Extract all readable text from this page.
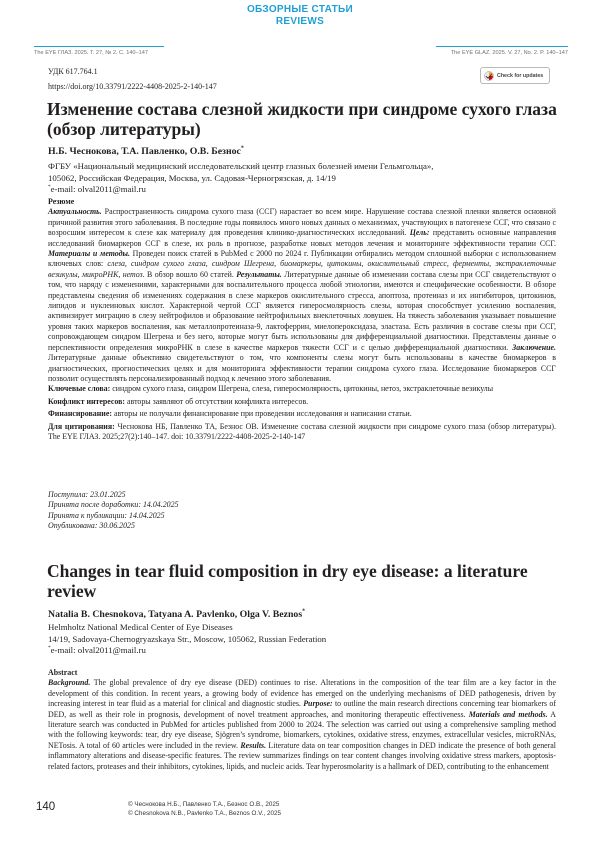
ОБЗОРНЫЕ СТАТЬИ
REVIEWS
The EYE ГЛАЗ. 2025. Т. 27, № 2. С. 140–147	The EYE GLAZ. 2025. V. 27, No. 2. P. 140–147
УДК 617.764.1
https://doi.org/10.33791/2222-4408-2025-2-140-147
Check for updates
Изменение состава слезной жидкости при синдроме сухого глаза (обзор литературы)
Н.Б. Чеснокова, Т.А. Павленко, О.В. Безнос*
ФГБУ «Национальный медицинский исследовательский центр глазных болезней имени Гельмгольца»,
105062, Российская Федерация, Москва, ул. Садовая-Черногрязская, д. 14/19
*e-mail: olval2011@mail.ru
Резюме
Актуальность. Распространенность синдрома сухого глаза (ССГ) нарастает во всем мире. Нарушение состава слезной пленки является основной причиной развития этого заболевания. В последние годы появилось много новых данных о механизмах, участвующих в патогенезе ССГ, что связано с возросшим интересом к слезе как материалу для проведения клинико-диагностических исследований. Цель: представить основные направления исследований биомаркеров ССГ в слезе, их роль в прогнозе, разработке новых методов лечения и мониторинге эффективности терапии ССГ. Материалы и методы. Проведен поиск статей в PubMed с 2000 по 2024 г. Публикации отбирались методом сплошной выборки с использованием ключевых слов: слеза, синдром сухого глаза, синдром Шегрена, биомаркеры, цитокины, окислительный стресс, ферменты, экстраклеточные везикулы, микроРНК, нетоз. В обзор вошло 60 статей. Результаты. Литературные данные об изменении состава слезы при ССГ свидетельствуют о том, что наряду с изменениями, характерными для воспалительного процесса любой этиологии, имеются и специфические особенности. В обзоре представлены сведения об изменениях содержания в слезе маркеров окислительного стресса, апоптоза, протеиназ и их ингибиторов, цитокинов, липидов и нуклеиновых кислот. Характерной чертой ССГ является гиперосмолярность слезы, которая способствует усилению воспаления, активизирует миграцию в слезу нейтрофилов и образование нейтрофильных внеклеточных ловушек. На тяжесть заболевания указывает повышение уровня таких маркеров воспаления, как металлопротеиназа-9, лактоферрин, миелопероксидаза, эластаза. Есть различия в составе слезы при ССГ, сопровождающем синдром Шегрена и без него, которые могут быть использованы для дифференциальной диагностики. Представлены данные о перспективности определения микроРНК в слезе в качестве маркеров тяжести ССГ и с целью дифференциальной диагностики. Заключение. Литературные данные объективно свидетельствуют о том, что компоненты слезы могут быть использованы в качестве биомаркеров в диагностических, прогностических целях и для мониторинга эффективности терапии синдрома сухого глаза. Исследование биомаркеров ССГ позволит осуществлять персонализированный подход к лечению этого заболевания.
Ключевые слова: синдром сухого глаза, синдром Шегрена, слеза, гиперосмолярность, цитокины, нетоз, экстраклеточные везикулы
Конфликт интересов: авторы заявляют об отсутствии конфликта интересов.
Финансирование: авторы не получали финансирование при проведении исследования и написании статьи.
Для цитирования: Чеснокова НБ, Павленко ТА, Безнос ОВ. Изменение состава слезной жидкости при синдроме сухого глаза (обзор литературы). The EYE ГЛАЗ. 2025;27(2):140–147. doi: 10.33791/2222-4408-2025-2-140-147
Поступила: 23.01.2025
Принята после доработки: 14.04.2025
Принята к публикации: 14.04.2025
Опубликована: 30.06.2025
Changes in tear fluid composition in dry eye disease: a literature review
Natalia B. Chesnokova, Tatyana A. Pavlenko, Olga V. Beznos*
Helmholtz National Medical Center of Eye Diseases
14/19, Sadovaya-Chernogryazskaya Str., Moscow, 105062, Russian Federation
*e-mail: olval2011@mail.ru
Abstract
Background. The global prevalence of dry eye disease (DED) continues to rise. Alterations in the composition of the tear film are a key factor in the development of this condition. In recent years, a growing body of evidence has emerged on the underlying mechanisms of DED pathogenesis, driven by increasing interest in tear fluid as a material for clinical and diagnostic studies. Purpose: to outline the main research directions concerning tear biomarkers of DED, as well as their role in prognosis, development of novel treatment approaches, and monitoring therapeutic effectiveness. Materials and methods. A literature search was conducted in PubMed for articles published from 2000 to 2024. The selection was carried out using a comprehensive sampling method with the following keywords: tear, dry eye disease, Sjögren’s syndrome, biomarkers, cytokines, oxidative stress, enzymes, extracellular vesicles, microRNAs, NETosis. A total of 60 articles were included in the review. Results. Literature data on tear composition changes in DED indicate the presence of both general inflammatory alterations and disease-specific features. The review summarizes findings on tear content changes involving oxidative stress markers, apoptosis-related factors, proteases and their inhibitors, cytokines, lipids, and nucleic acids. Tear hyperosmolarity is a hallmark of DED, contributing to the enhancement
140	© Чеснокова Н.Б., Павленко Т.А., Безнос О.В., 2025
© Chesnokova N.B., Pavlenko T.A., Beznos O.V., 2025
